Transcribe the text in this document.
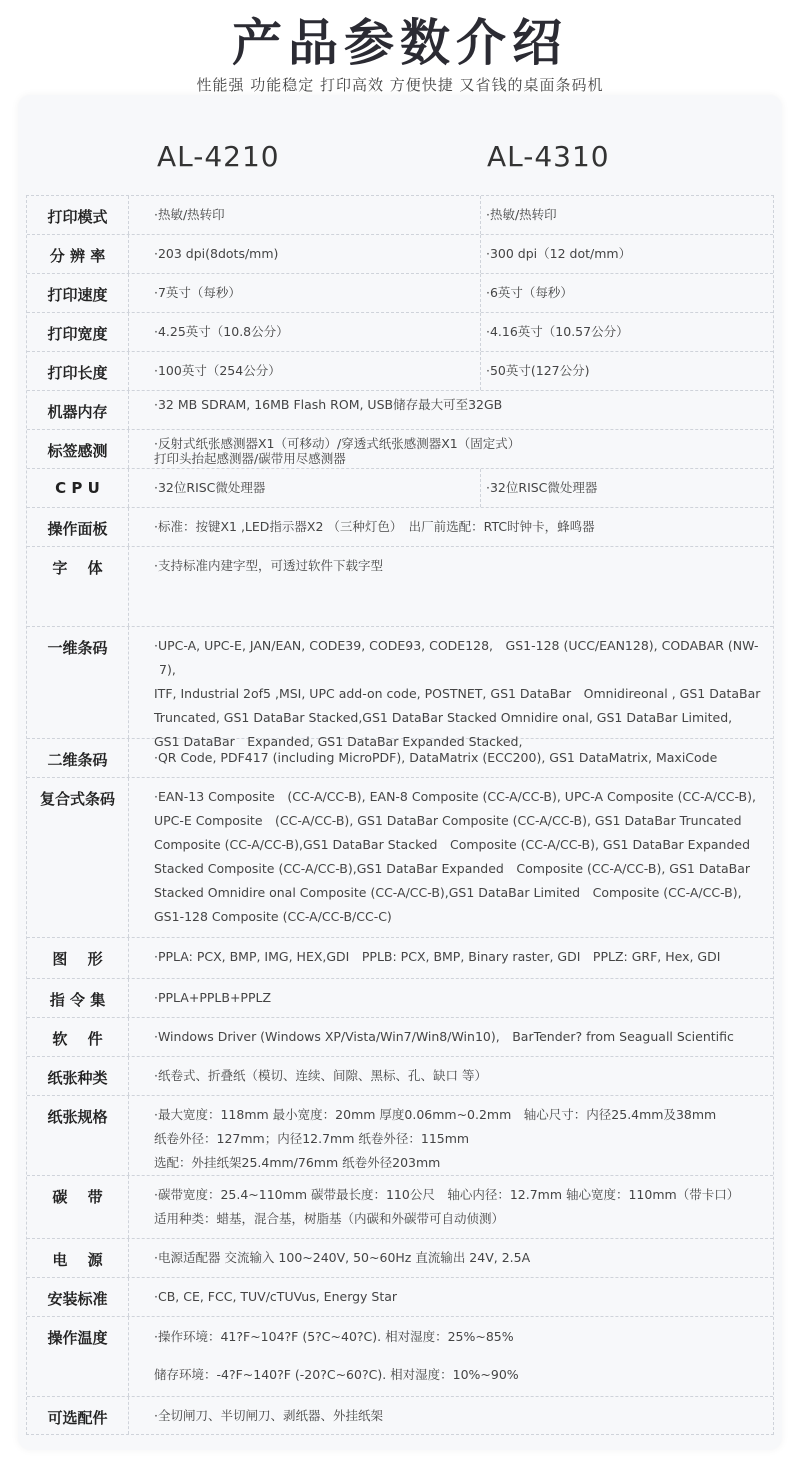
产品参数介绍
性能强 功能稳定 打印高效 方便快捷 又省钱的桌面条码机
AL-4210	AL-4310
打印模式	·热敏/热转印	·热敏/热转印
分 辨 率	·203 dpi(8dots/mm)	·300 dpi（12 dot/mm）
打印速度	·7英寸（每秒）	·6英寸（每秒）
打印宽度	·4.25英寸（10.8公分）	·4.16英寸（10.57公分）
打印长度	·100英寸（254公分）	·50英寸(127公分)
机器内存	·32 MB SDRAM, 16MB Flash ROM, USB储存最大可至32GB
标签感测	·反射式纸张感测器X1（可移动）/穿透式纸张感测器X1（固定式）
打印头抬起感测器/碳带用尽感测器
C P U	·32位RISC微处理器	·32位RISC微处理器
操作面板	·标准：按键X1 ,LED指示器X2 （三种灯色）　出厂前选配：RTC时钟卡，蜂鸣器
字　 体	·支持标准内建字型，可透过软件下载字型
一维条码	·UPC-A, UPC-E, JAN/EAN, CODE39, CODE93, CODE128,　GS1-128 (UCC/EAN128), CODABAR (NW-7),
ITF, Industrial 2of5 ,MSI, UPC add-on code, POSTNET, GS1 DataBar　Omnidireonal , GS1 DataBar
Truncated, GS1 DataBar Stacked,GS1 DataBar Stacked Omnidire onal, GS1 DataBar Limited,
GS1 DataBar　Expanded, GS1 DataBar Expanded Stacked,
二维条码	·QR Code, PDF417 (including MicroPDF), DataMatrix (ECC200), GS1 DataMatrix, MaxiCode
复合式条码	·EAN-13 Composite　(CC-A/CC-B), EAN-8 Composite (CC-A/CC-B), UPC-A Composite (CC-A/CC-B),
UPC-E Composite　(CC-A/CC-B), GS1 DataBar Composite (CC-A/CC-B), GS1 DataBar Truncated
Composite (CC-A/CC-B),GS1 DataBar Stacked　Composite (CC-A/CC-B), GS1 DataBar Expanded
Stacked Composite (CC-A/CC-B),GS1 DataBar Expanded　Composite (CC-A/CC-B), GS1 DataBar
Stacked Omnidire onal Composite (CC-A/CC-B),GS1 DataBar Limited　Composite (CC-A/CC-B),
GS1-128 Composite (CC-A/CC-B/CC-C)
图　 形	·PPLA: PCX, BMP, IMG, HEX,GDI　PPLB: PCX, BMP, Binary raster, GDI　PPLZ: GRF, Hex, GDI
指 令 集	·PPLA+PPLB+PPLZ
软　 件	·Windows Driver (Windows XP/Vista/Win7/Win8/Win10),　BarTender? from Seaguall Scientific
纸张种类	·纸卷式、折叠纸（模切、连续、间隙、黑标、孔、缺口 等）
纸张规格	·最大宽度：118mm 最小宽度：20mm 厚度0.06mm~0.2mm　轴心尺寸：内径25.4mm及38mm
纸卷外径：127mm；内径12.7mm 纸卷外径：115mm
选配：外挂纸架25.4mm/76mm 纸卷外径203mm
碳　 带	·碳带宽度：25.4~110mm 碳带最长度：110公尺　轴心内径：12.7mm 轴心宽度：110mm（带卡口）
适用种类：蜡基，混合基，树脂基（内碳和外碳带可自动侦测）
电　 源	·电源适配器 交流输入 100~240V, 50~60Hz 直流输出 24V, 2.5A
安装标准	·CB, CE, FCC, TUV/cTUVus, Energy Star
操作温度	·操作环境：41?F~104?F (5?C~40?C). 相对湿度：25%~85%

储存环境：-4?F~140?F (-20?C~60?C). 相对湿度：10%~90%
可选配件	·全切闸刀、半切闸刀、剥纸器、外挂纸架
